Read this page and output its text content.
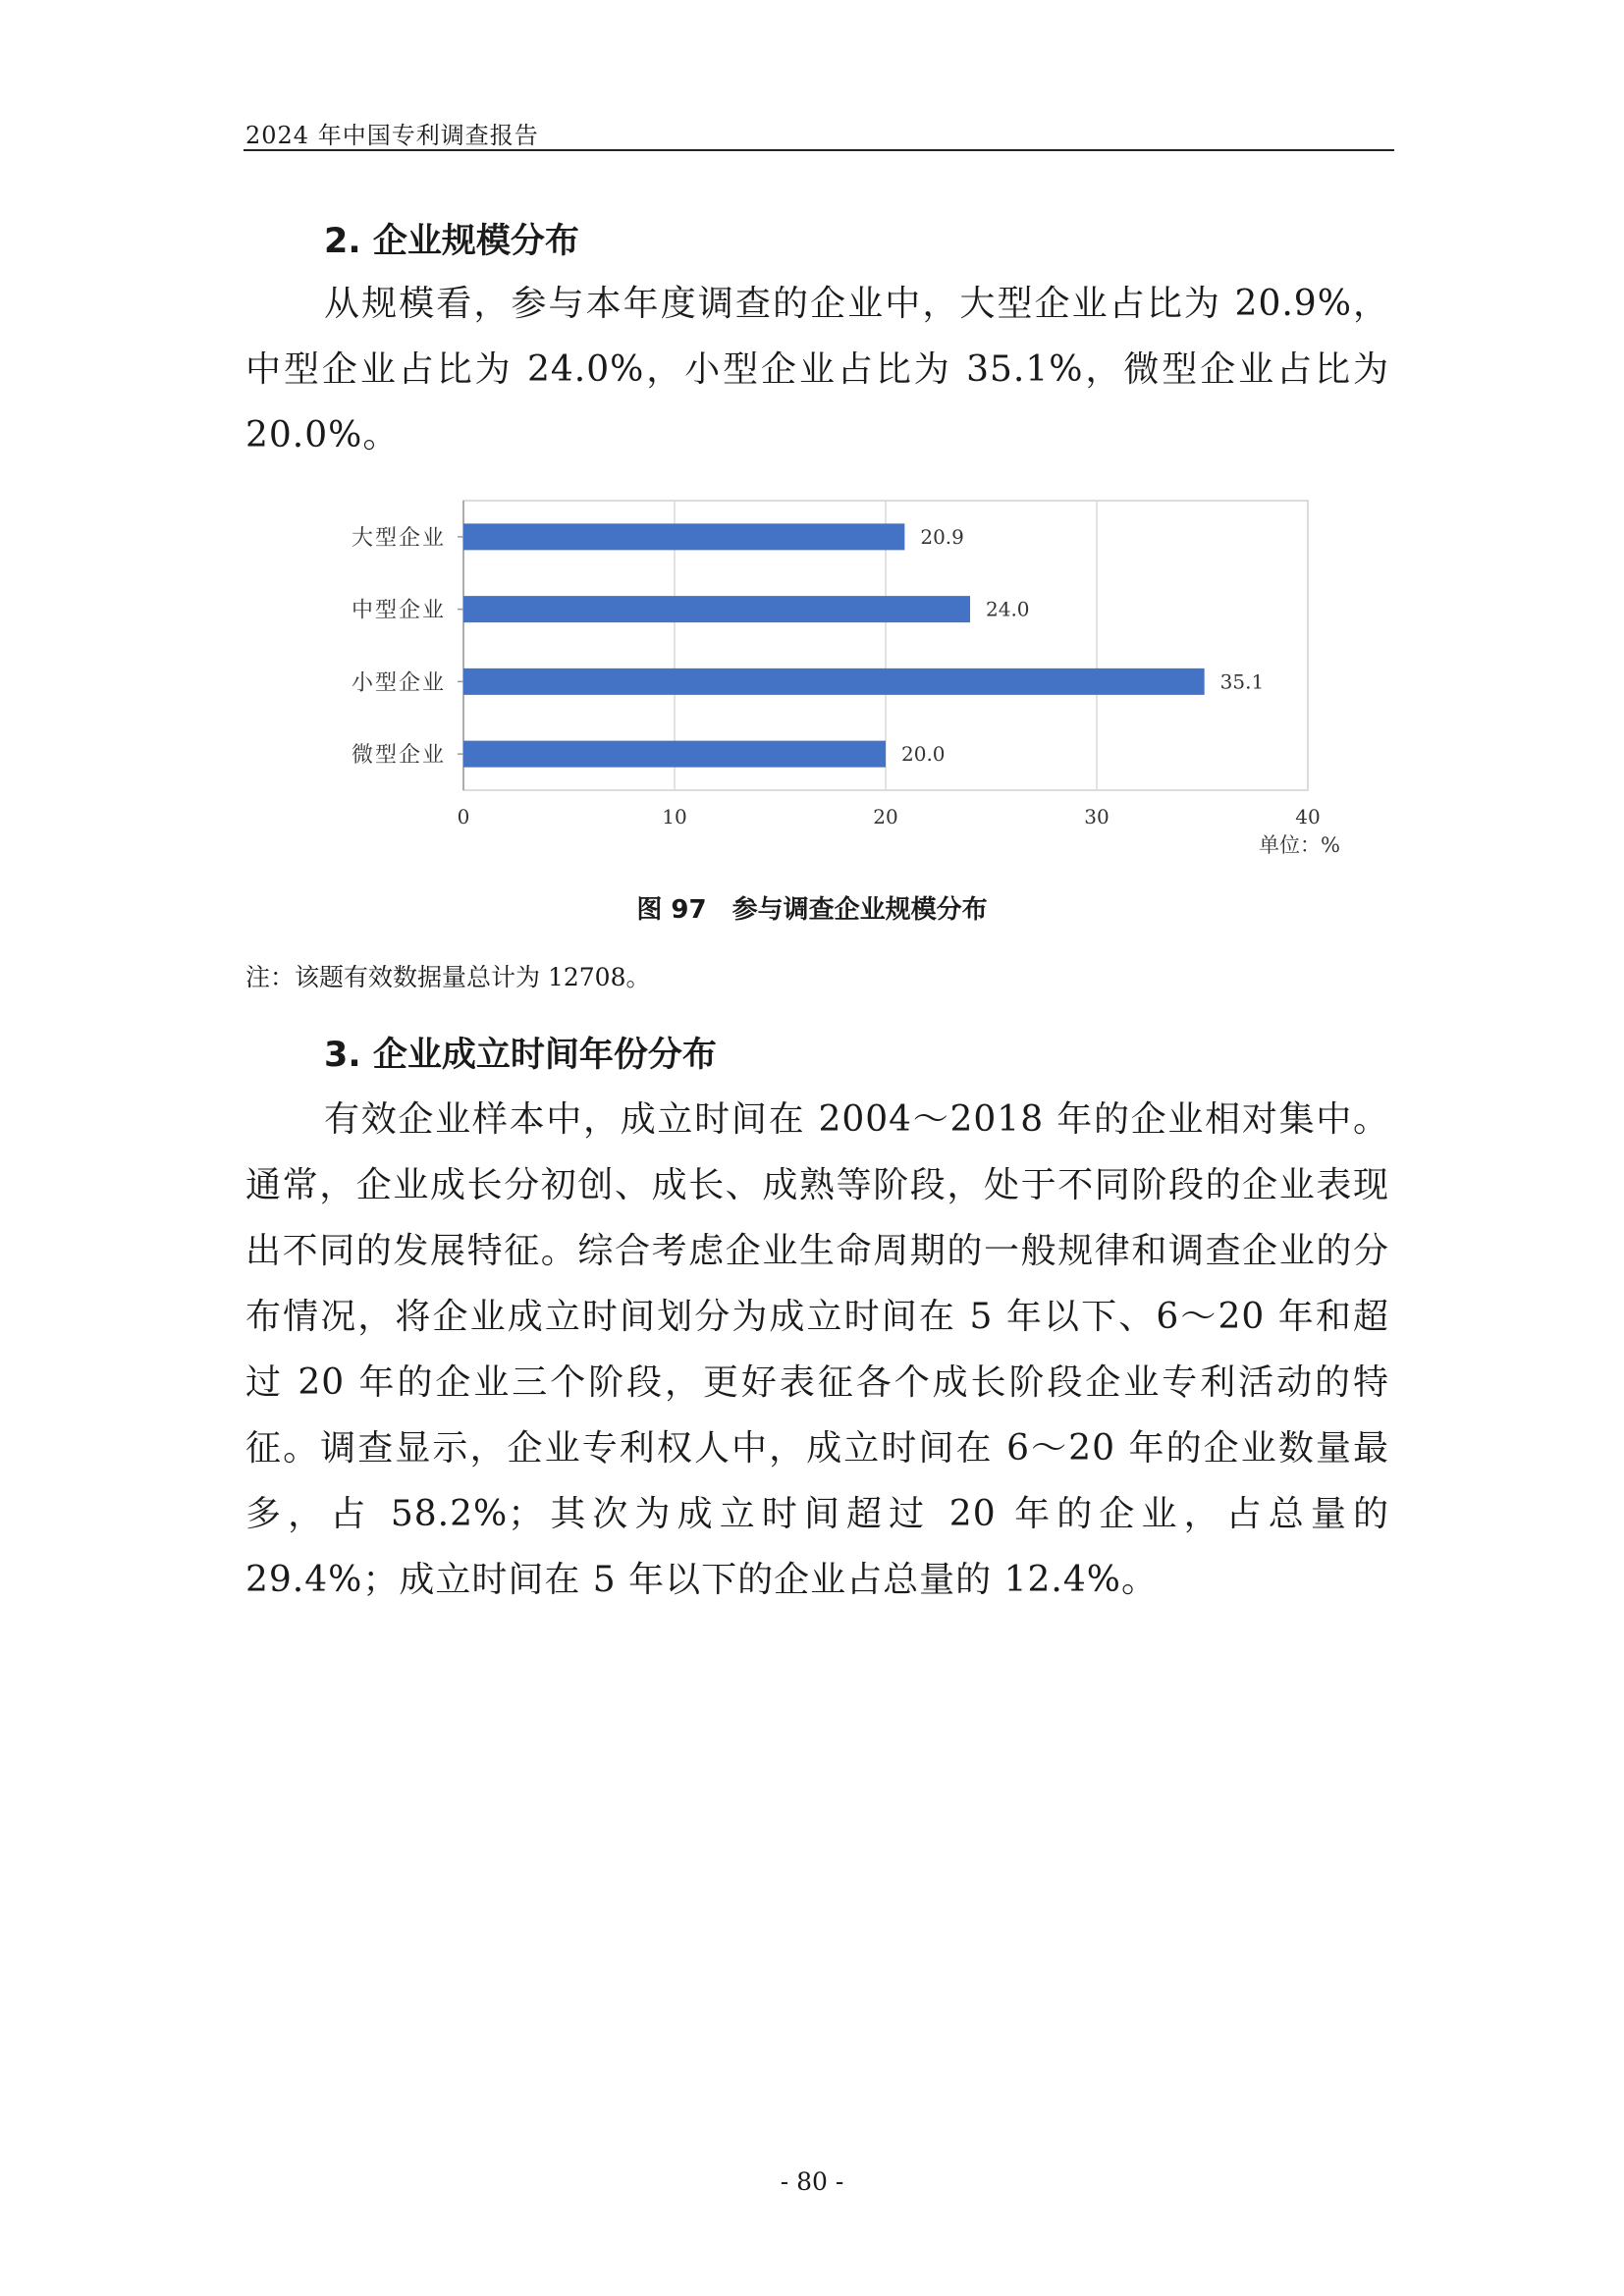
2024 年中国专利调查报告
2. 企业规模分布

从规模看，参与本年度调查的企业中，大型企业占比为 20.9%，中型企业占比为 24.0%，小型企业占比为 35.1%，微型企业占比为 20.0%。

0	10	20	30	40
大型企业	20.9
中型企业	24.0
小型企业	35.1
微型企业	20.0
单位：%
图 97　参与调查企业规模分布
注：该题有效数据量总计为 12708。
3. 企业成立时间年份分布

有效企业样本中，成立时间在 2004～2018 年的企业相对集中。通常，企业成长分初创、成长、成熟等阶段，处于不同阶段的企业表现出不同的发展特征。综合考虑企业生命周期的一般规律和调查企业的分布情况，将企业成立时间划分为成立时间在 5 年以下、6～20 年和超过 20 年的企业三个阶段，更好表征各个成长阶段企业专利活动的特征。调查显示，企业专利权人中，成立时间在 6～20 年的企业数量最多，占 58.2%；其次为成立时间超过 20 年的企业，占总量的 29.4%；成立时间在 5 年以下的企业占总量的 12.4%。

- 80 -
